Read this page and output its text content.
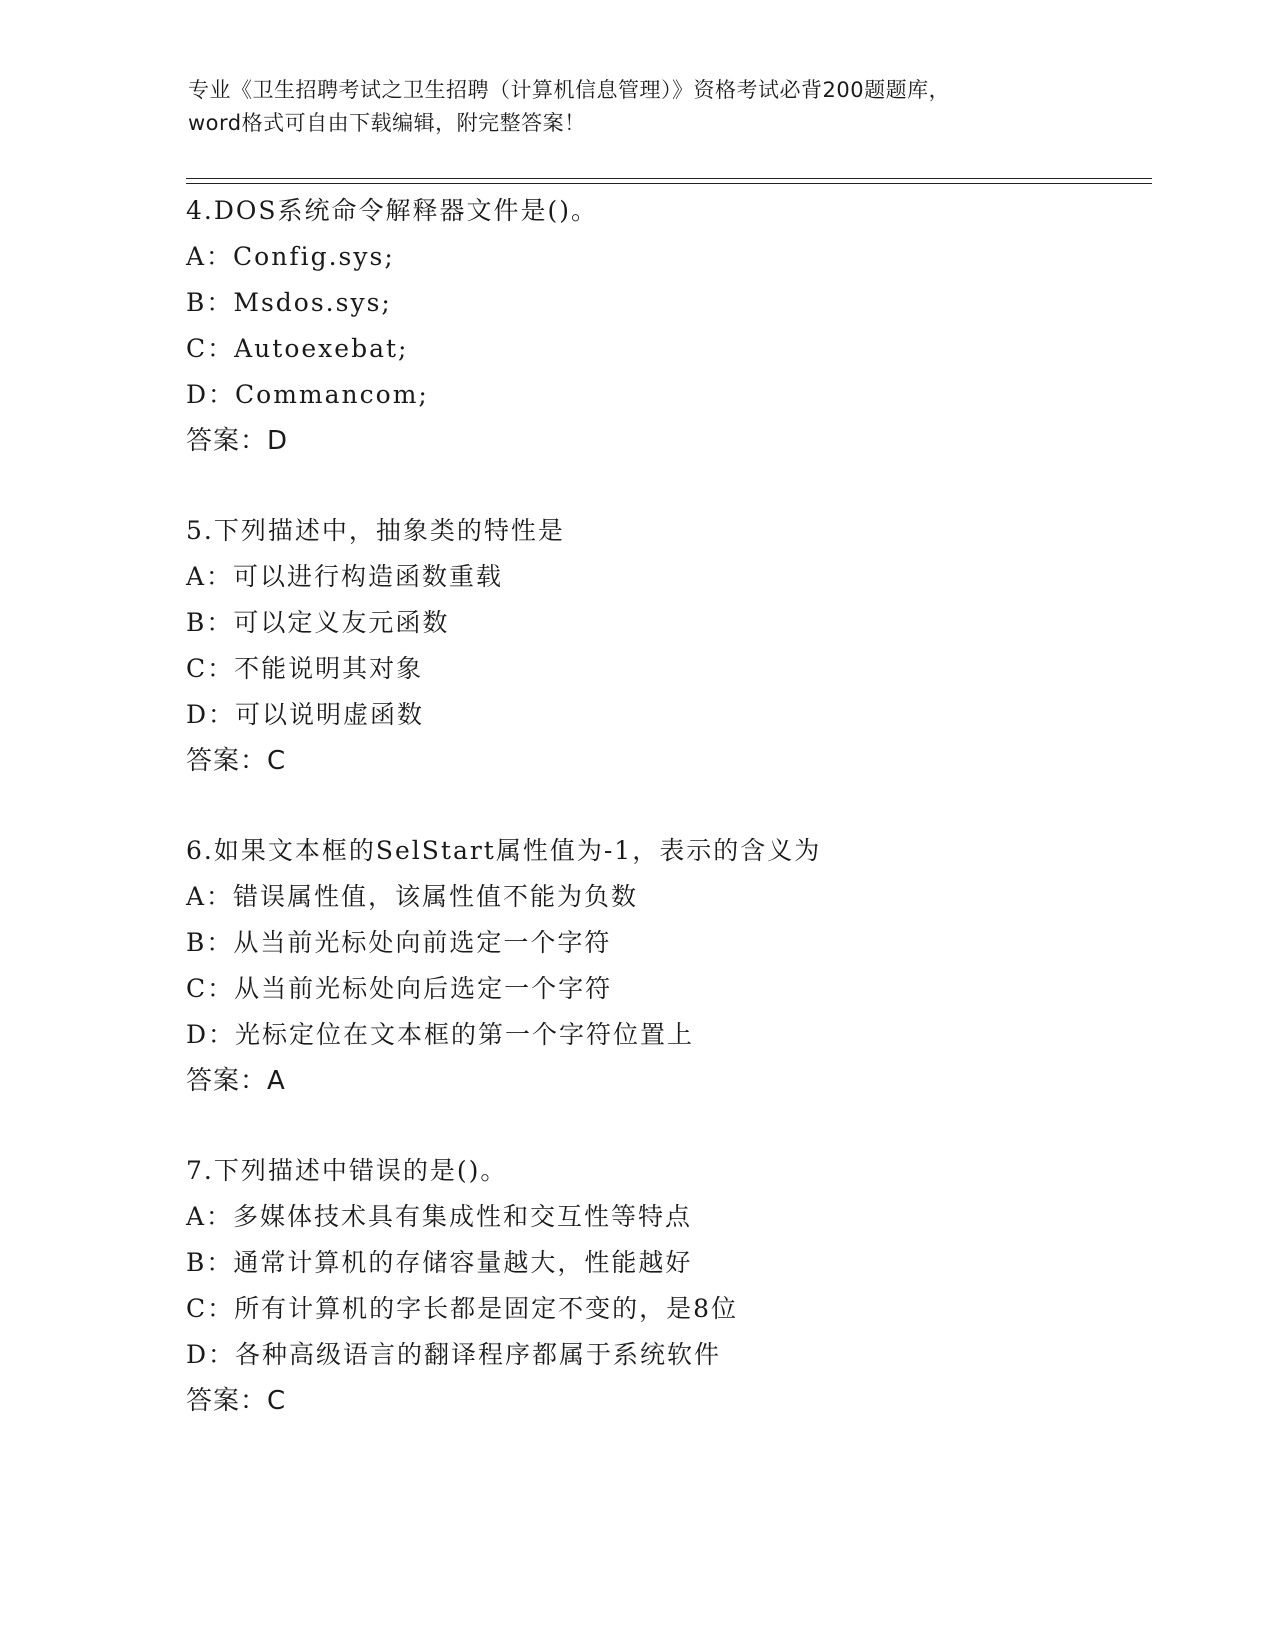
专业《卫生招聘考试之卫生招聘（计算机信息管理）》资格考试必背200题题库，
word格式可自由下载编辑，附完整答案！
4.DOS系统命令解释器文件是()。
A：Config.sys;
B：Msdos.sys;
C：Autoexebat;
D：Commancom;
答案：D
5.下列描述中，抽象类的特性是
A：可以进行构造函数重载
B：可以定义友元函数
C：不能说明其对象
D：可以说明虚函数
答案：C
6.如果文本框的SelStart属性值为-1，表示的含义为
A：错误属性值，该属性值不能为负数
B：从当前光标处向前选定一个字符
C：从当前光标处向后选定一个字符
D：光标定位在文本框的第一个字符位置上
答案：A
7.下列描述中错误的是()。
A：多媒体技术具有集成性和交互性等特点
B：通常计算机的存储容量越大，性能越好
C：所有计算机的字长都是固定不变的，是8位
D：各种高级语言的翻译程序都属于系统软件
答案：C
